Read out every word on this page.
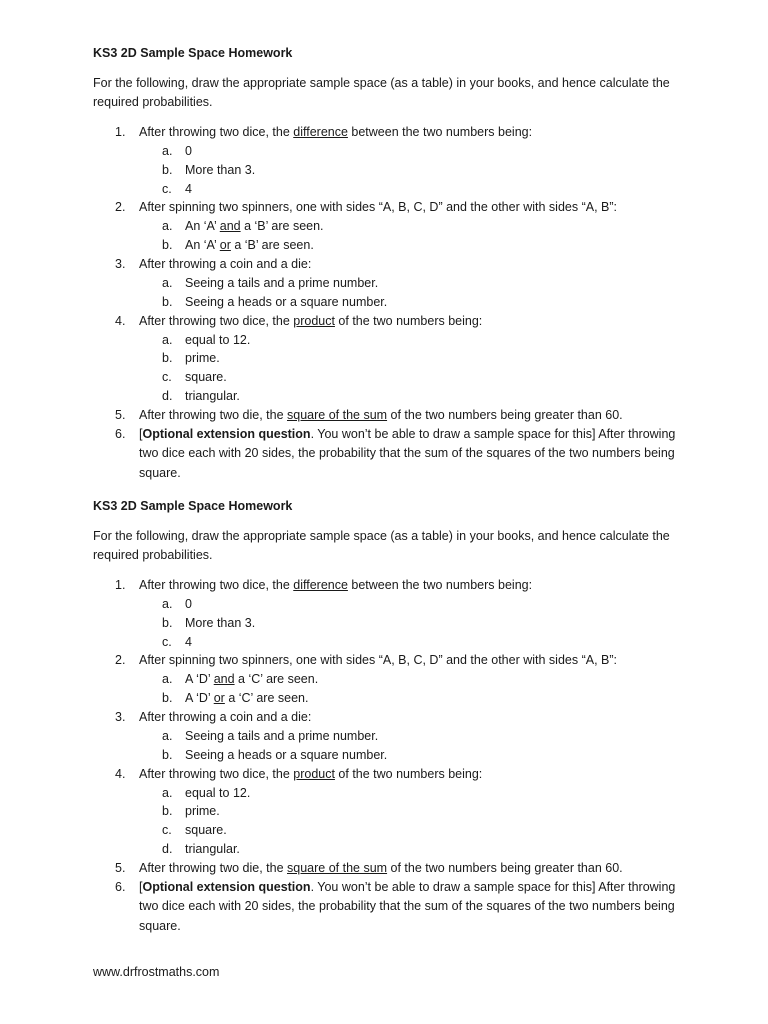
KS3 2D Sample Space Homework
For the following, draw the appropriate sample space (as a table) in your books, and hence calculate the required probabilities.
1. After throwing two dice, the difference between the two numbers being:
a. 0
b. More than 3.
c. 4
2. After spinning two spinners, one with sides “A, B, C, D” and the other with sides “A, B”:
a. An ‘A’ and a ‘B’ are seen.
b. An ‘A’ or a ‘B’ are seen.
3. After throwing a coin and a die:
a. Seeing a tails and a prime number.
b. Seeing a heads or a square number.
4. After throwing two dice, the product of the two numbers being:
a. equal to 12.
b. prime.
c. square.
d. triangular.
5. After throwing two die, the square of the sum of the two numbers being greater than 60.
6. [Optional extension question. You won’t be able to draw a sample space for this] After throwing two dice each with 20 sides, the probability that the sum of the squares of the two numbers being square.
KS3 2D Sample Space Homework
For the following, draw the appropriate sample space (as a table) in your books, and hence calculate the required probabilities.
1. After throwing two dice, the difference between the two numbers being:
a. 0
b. More than 3.
c. 4
2. After spinning two spinners, one with sides “A, B, C, D” and the other with sides “A, B”:
a. A ‘D’ and a ‘C’ are seen.
b. A ‘D’ or a ‘C’ are seen.
3. After throwing a coin and a die:
a. Seeing a tails and a prime number.
b. Seeing a heads or a square number.
4. After throwing two dice, the product of the two numbers being:
a. equal to 12.
b. prime.
c. square.
d. triangular.
5. After throwing two die, the square of the sum of the two numbers being greater than 60.
6. [Optional extension question. You won’t be able to draw a sample space for this] After throwing two dice each with 20 sides, the probability that the sum of the squares of the two numbers being square.
www.drfrostmaths.com
